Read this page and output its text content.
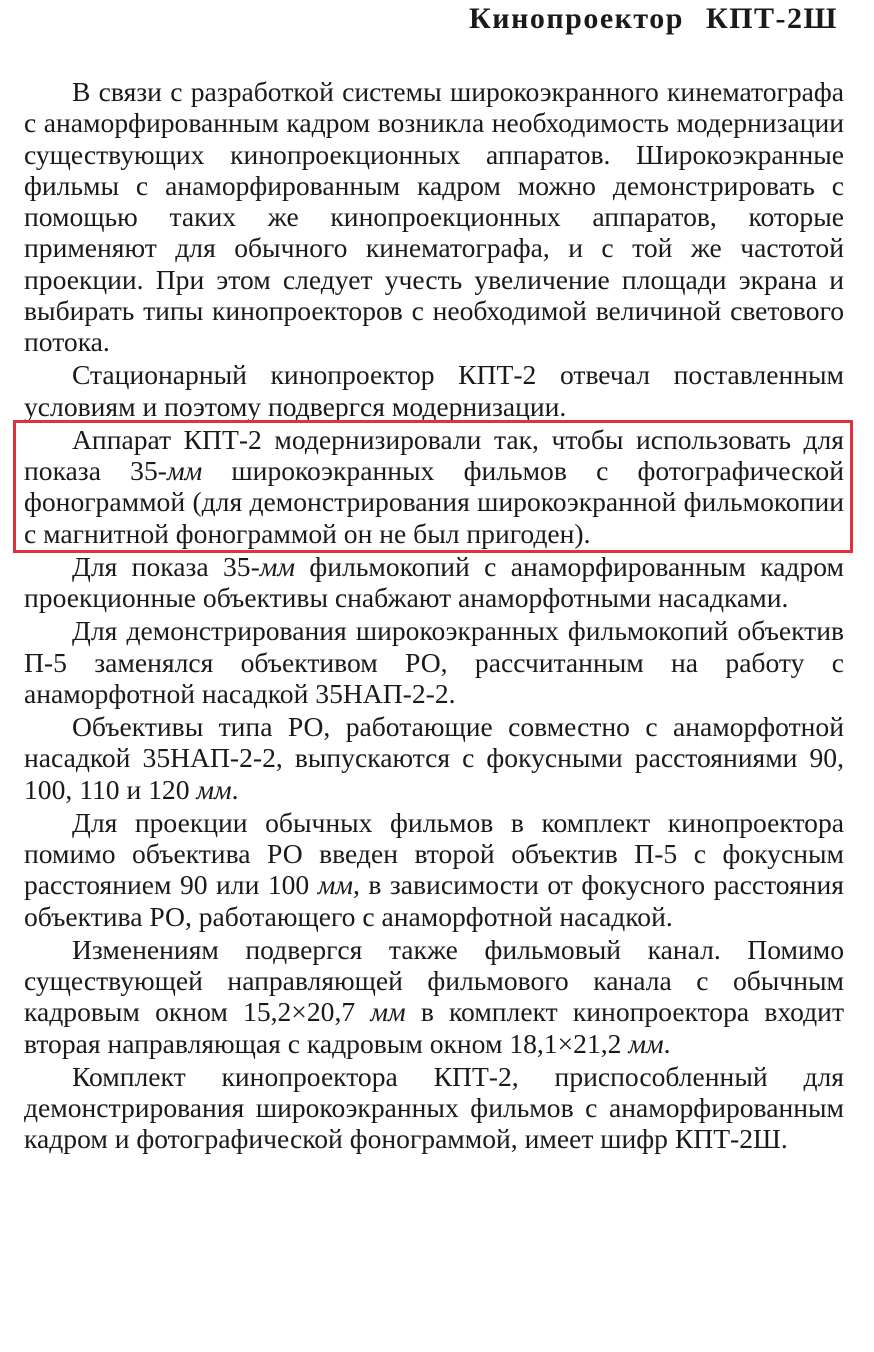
Кинопроектор КПТ-2Ш

В связи с разработкой системы широкоэкранного кинематографа с анаморфированным кадром возникла необходимость модернизации существующих кинопроекционных аппаратов. Широкоэкранные фильмы с анаморфированным кадром можно демонстрировать с помощью таких же кинопроекционных аппаратов, которые применяют для обычного кинематографа, и с той же частотой проекции. При этом следует учесть увеличение площади экрана и выбирать типы кинопроекторов с необходимой величиной светового потока.

Стационарный кинопроектор КПТ-2 отвечал поставленным условиям и поэтому подвергся модернизации.

Аппарат КПТ-2 модернизировали так, чтобы использовать для показа 35-мм широкоэкранных фильмов с фотографической фонограммой (для демонстрирования широкоэкранной фильмокопии с магнитной фонограммой он не был пригоден).

Для показа 35-мм фильмокопий с анаморфированным кадром проекционные объективы снабжают анаморфотными насадками.

Для демонстрирования широкоэкранных фильмокопий объектив П-5 заменялся объективом РО, рассчитанным на работу с анаморфотной насадкой 35НАП-2-2.

Объективы типа РО, работающие совместно с анаморфотной насадкой 35НАП-2-2, выпускаются с фокусными расстояниями 90, 100, 110 и 120 мм.

Для проекции обычных фильмов в комплект кинопроектора помимо объектива РО введен второй объектив П-5 с фокусным расстоянием 90 или 100 мм, в зависимости от фокусного расстояния объектива РО, работающего с анаморфотной насадкой.

Изменениям подвергся также фильмовый канал. Помимо существующей направляющей фильмового канала с обычным кадровым окном 15,2×20,7 мм в комплект кинопроектора входит вторая направляющая с кадровым окном 18,1×21,2 мм.

Комплект кинопроектора КПТ-2, приспособленный для демонстрирования широкоэкранных фильмов с анаморфированным кадром и фотографической фонограммой, имеет шифр КПТ-2Ш.
